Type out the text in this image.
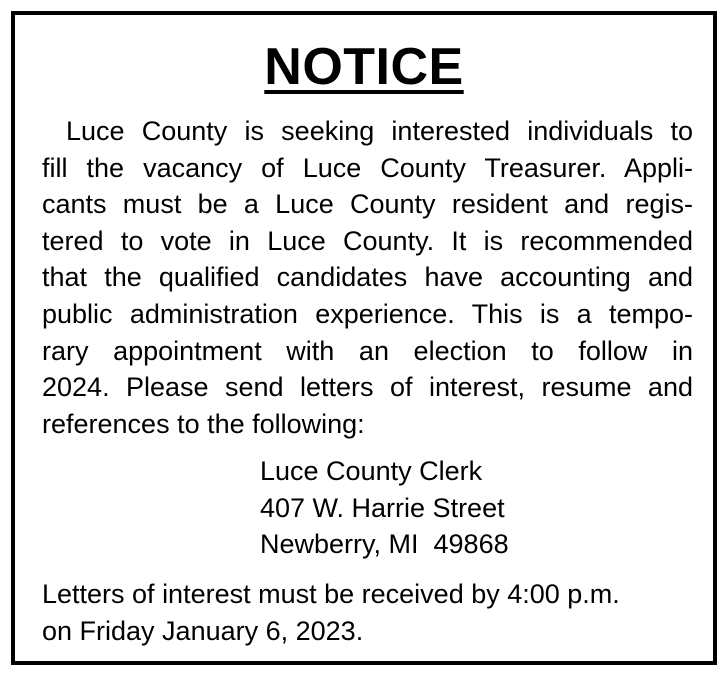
NOTICE

Luce County is seeking interested individuals to
fill the vacancy of Luce County Treasurer. Appli-
cants must be a Luce County resident and regis-
tered to vote in Luce County. It is recommended
that the qualified candidates have accounting and
public administration experience. This is a tempo-
rary appointment with an election to follow in
2024. Please send letters of interest, resume and
references to the following:

Luce County Clerk
407 W. Harrie Street
Newberry, MI  49868

Letters of interest must be received by 4:00 p.m.
on Friday January 6, 2023.
